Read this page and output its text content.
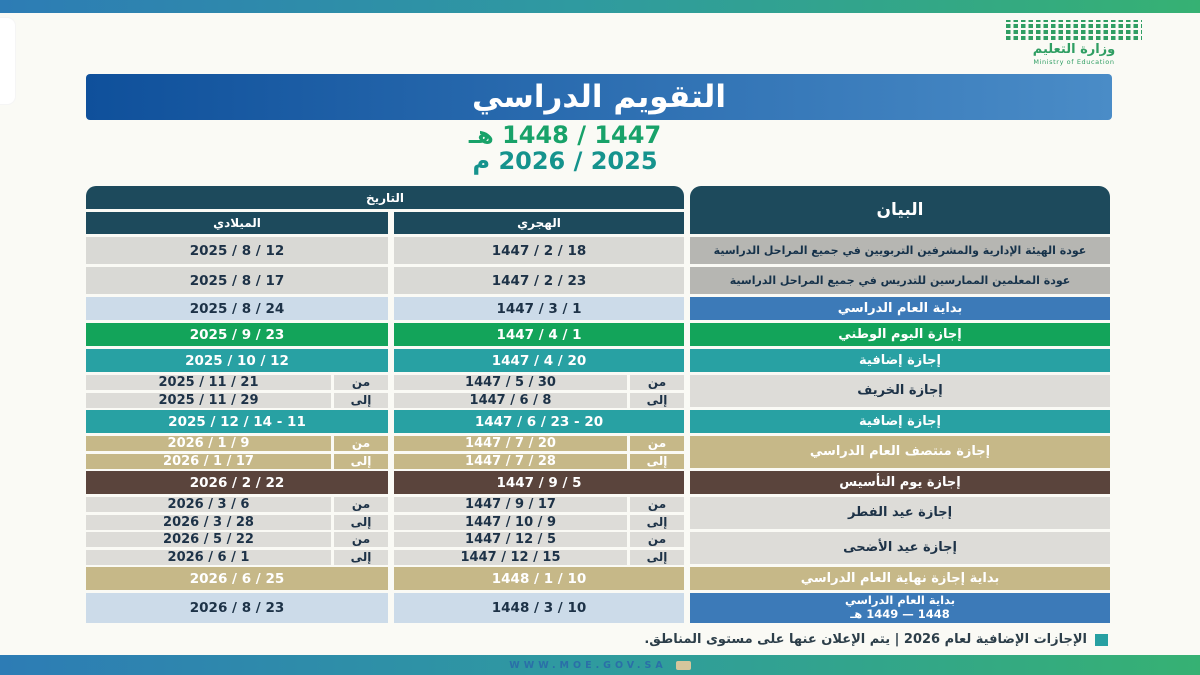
وزارة التعليم
Ministry of Education
التقويم الدراسي
1447 / 1448 هـ
2025 / 2026 م
البيان
التاريخ
الهجري
الميلادي
عودة الهيئة الإدارية والمشرفين التربويين في جميع المراحل الدراسية
18 / 2 / 1447
12 / 8 / 2025
عودة المعلمين الممارسين للتدريس في جميع المراحل الدراسية
23 / 2 / 1447
17 / 8 / 2025
بداية العام الدراسي
1 / 3 / 1447
24 / 8 / 2025
إجازة اليوم الوطني
1 / 4 / 1447
23 / 9 / 2025
إجازة إضافية
20 / 4 / 1447
12 / 10 / 2025
إجازة الخريف
من
30 / 5 / 1447
إلى
8 / 6 / 1447
من
21 / 11 / 2025
إلى
29 / 11 / 2025
إجازة إضافية
20 - 23 / 6 / 1447
11 - 14 / 12 / 2025
إجازة منتصف العام الدراسي
من
20 / 7 / 1447
إلى
28 / 7 / 1447
من
9 / 1 / 2026
إلى
17 / 1 / 2026
إجازة يوم التأسيس
5 / 9 / 1447
22 / 2 / 2026
إجازة عيد الفطر
من
17 / 9 / 1447
إلى
9 / 10 / 1447
من
6 / 3 / 2026
إلى
28 / 3 / 2026
إجازة عيد الأضحى
من
5 / 12 / 1447
إلى
15 / 12 / 1447
من
22 / 5 / 2026
إلى
1 / 6 / 2026
بداية إجازة نهاية العام الدراسي
10 / 1 / 1448
25 / 6 / 2026
بداية العام الدراسي
1448 — 1449 هـ
10 / 3 / 1448
23 / 8 / 2026
الإجازات الإضافية لعام 2026 | يتم الإعلان عنها على مستوى المناطق.
WWW.MOE.GOV.SA
